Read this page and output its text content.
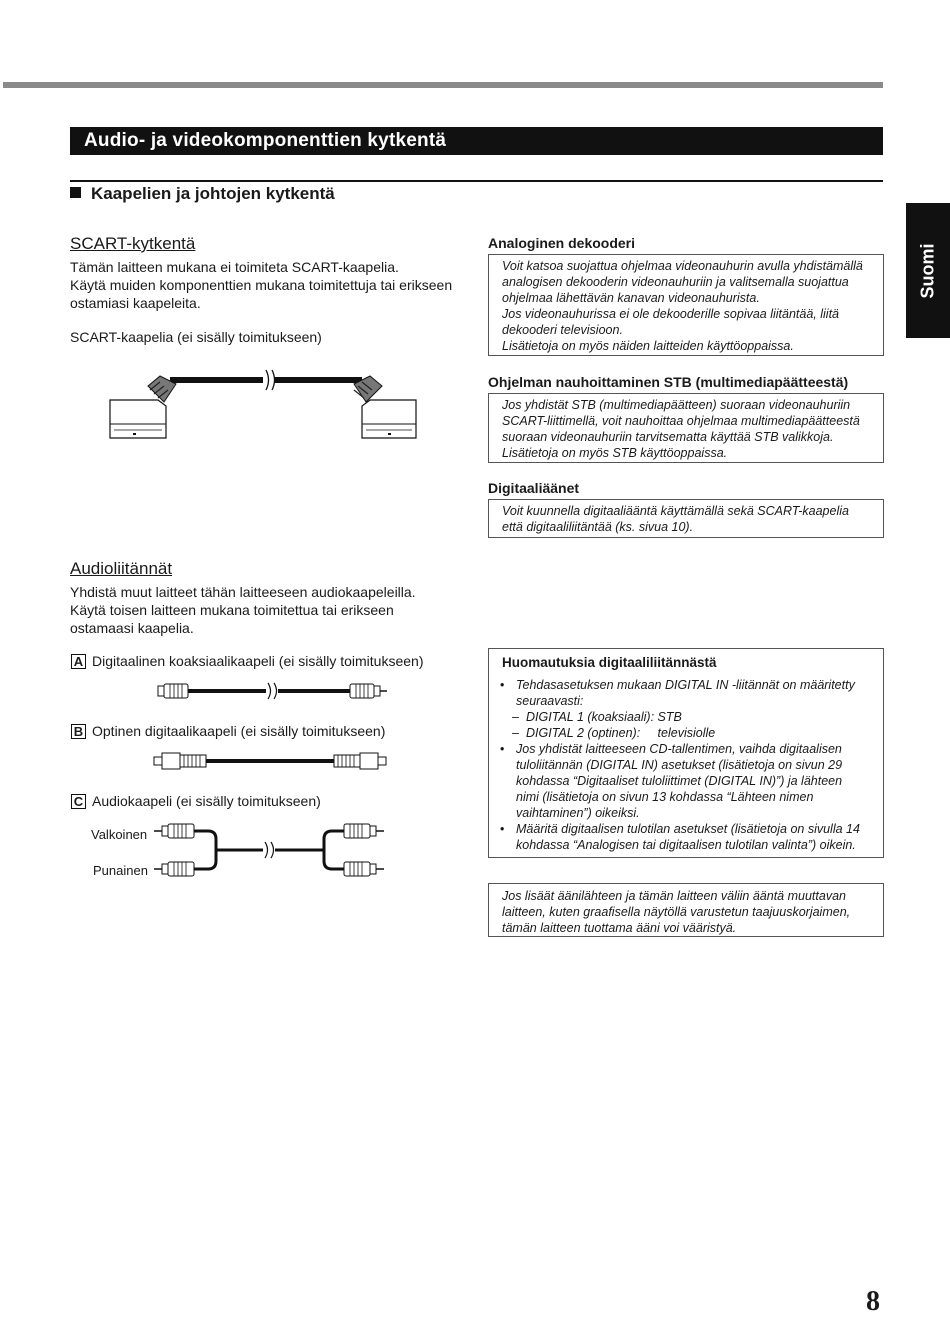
Audio- ja videokomponenttien kytkentä
Kaapelien ja johtojen kytkentä
Suomi
SCART-kytkentä
Tämän laitteen mukana ei toimiteta SCART-kaapelia.
Käytä muiden komponenttien mukana toimitettuja tai erikseen
ostamiasi kaapeleita.
SCART-kaapelia (ei sisälly toimitukseen)
Audioliitännät
Yhdistä muut laitteet tähän laitteeseen audiokaapeleilla.
Käytä toisen laitteen mukana toimitettua tai erikseen
ostamaasi kaapelia.
A Digitaalinen koaksiaalikaapeli (ei sisälly toimitukseen)
B Optinen digitaalikaapeli (ei sisälly toimitukseen)
C Audiokaapeli (ei sisälly toimitukseen)
Valkoinen
Punainen
Analoginen dekooderi

Voit katsoa suojattua ohjelmaa videonauhurin avulla yhdistämällä

analogisen dekooderin videonauhuriin ja valitsemalla suojattua

ohjelmaa lähettävän kanavan videonauhurista.

Jos videonauhurissa ei ole dekooderille sopivaa liitäntää, liitä

dekooderi televisioon.

Lisätietoja on myös näiden laitteiden käyttöoppaissa.

Ohjelman nauhoittaminen STB (multimediapäätteestä)

Jos yhdistät STB (multimediapäätteen) suoraan videonauhuriin

SCART-liittimellä, voit nauhoittaa ohjelmaa multimediapäätteestä

suoraan videonauhuriin tarvitsematta käyttää STB valikkoja.

Lisätietoja on myös STB käyttöoppaissa.

Digitaaliäänet

Voit kuunnella digitaaliääntä käyttämällä sekä SCART-kaapelia

että digitaaliliitäntää (ks. sivua 10).

Huomautuksia digitaaliliitännästä
• Tehdasasetuksen mukaan DIGITAL IN -liitännät on määritetty
seuraavasti:
– DIGITAL 1 (koaksiaali): STB
– DIGITAL 2 (optinen):     televisiolle
• Jos yhdistät laitteeseen CD-tallentimen, vaihda digitaalisen
tuloliitännän (DIGITAL IN) asetukset (lisätietoja on sivun 29
kohdassa “Digitaaliset tuloliittimet (DIGITAL IN)”) ja lähteen
nimi (lisätietoja on sivun 13 kohdassa “Lähteen nimen
vaihtaminen”) oikeiksi.
• Määritä digitaalisen tulotilan asetukset (lisätietoja on sivulla 14
kohdassa “Analogisen tai digitaalisen tulotilan valinta”) oikein.

Jos lisäät äänilähteen ja tämän laitteen väliin ääntä muuttavan

laitteen, kuten graafisella näytöllä varustetun taajuuskorjaimen,

tämän laitteen tuottama ääni voi vääristyä.

8
